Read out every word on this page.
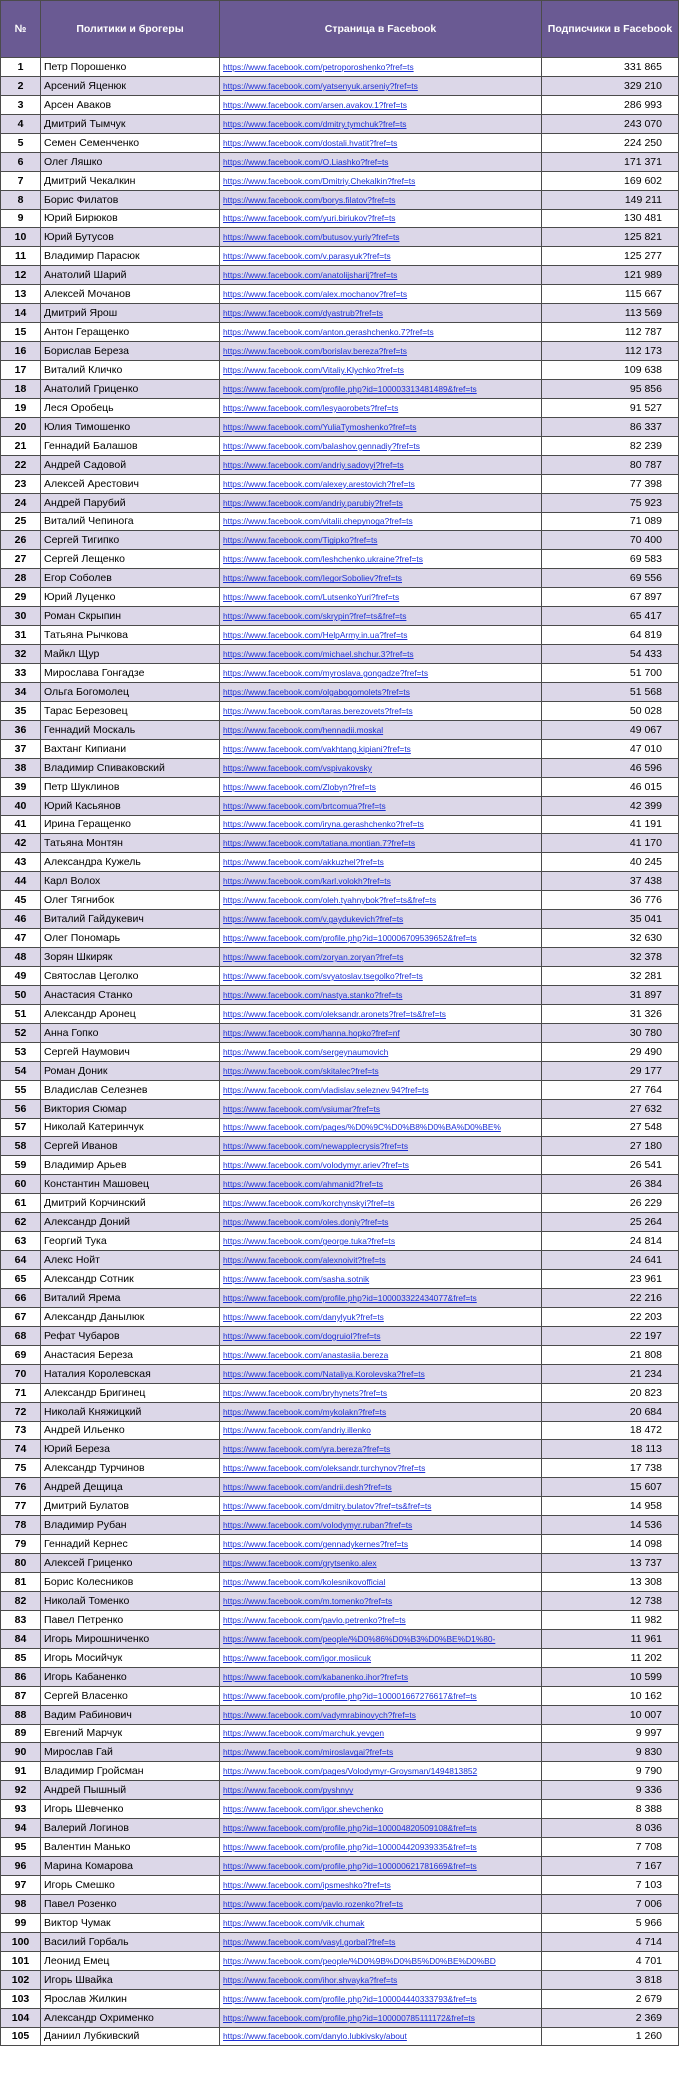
№	Политики и брогеры	Страница в Facebook	Подписчики в Facebook
1	Петр Порошенко	https://www.facebook.com/petroporoshenko?fref=ts	331 865
2	Арсений Яценюк	https://www.facebook.com/yatsenyuk.arseniy?fref=ts	329 210
3	Арсен Аваков	https://www.facebook.com/arsen.avakov.1?fref=ts	286 993
4	Дмитрий Тымчук	https://www.facebook.com/dmitry.tymchuk?fref=ts	243 070
5	Семен Семенченко	https://www.facebook.com/dostali.hvatit?fref=ts	224 250
6	Олег Ляшко	https://www.facebook.com/O.Liashko?fref=ts	171 371
7	Дмитрий Чекалкин	https://www.facebook.com/Dmitriy.Chekalkin?fref=ts	169 602
8	Борис Филатов	https://www.facebook.com/borys.filatov?fref=ts	149 211
9	Юрий Бирюков	https://www.facebook.com/yuri.biriukov?fref=ts	130 481
10	Юрий Бутусов	https://www.facebook.com/butusov.yuriy?fref=ts	125 821
11	Владимир Парасюк	https://www.facebook.com/v.parasyuk?fref=ts	125 277
12	Анатолий Шарий	https://www.facebook.com/anatolijsharij?fref=ts	121 989
13	Алексей Мочанов	https://www.facebook.com/alex.mochanov?fref=ts	115 667
14	Дмитрий Ярош	https://www.facebook.com/dyastrub?fref=ts	113 569
15	Антон Геращенко	https://www.facebook.com/anton.gerashchenko.7?fref=ts	112 787
16	Борислав Береза	https://www.facebook.com/borislav.bereza?fref=ts	112 173
17	Виталий Кличко	https://www.facebook.com/Vitaliy.Klychko?fref=ts	109 638
18	Анатолий Гриценко	https://www.facebook.com/profile.php?id=100003313481489&fref=ts	95 856
19	Леся Оробець	https://www.facebook.com/lesyaorobets?fref=ts	91 527
20	Юлия Тимошенко	https://www.facebook.com/YuliaTymoshenko?fref=ts	86 337
21	Геннадий Балашов	https://www.facebook.com/balashov.gennadiy?fref=ts	82 239
22	Андрей Садовой	https://www.facebook.com/andriy.sadovyi?fref=ts	80 787
23	Алексей Арестович	https://www.facebook.com/alexey.arestovich?fref=ts	77 398
24	Андрей Парубий	https://www.facebook.com/andriy.parubiy?fref=ts	75 923
25	Виталий Чепинога	https://www.facebook.com/vitalii.chepynoga?fref=ts	71 089
26	Сергей Тигипко	https://www.facebook.com/Tigipko?fref=ts	70 400
27	Сергей Лещенко	https://www.facebook.com/leshchenko.ukraine?fref=ts	69 583
28	Егор Соболев	https://www.facebook.com/IegorSoboliev?fref=ts	69 556
29	Юрий Луценко	https://www.facebook.com/LutsenkoYuri?fref=ts	67 897
30	Роман Скрыпин	https://www.facebook.com/skrypin?fref=ts&fref=ts	65 417
31	Татьяна Рычкова	https://www.facebook.com/HelpArmy.in.ua?fref=ts	64 819
32	Майкл Щур	https://www.facebook.com/michael.shchur.3?fref=ts	54 433
33	Мирослава Гонгадзе	https://www.facebook.com/myroslava.gongadze?fref=ts	51 700
34	Ольга Богомолец	https://www.facebook.com/olgabogomolets?fref=ts	51 568
35	Тарас Березовец	https://www.facebook.com/taras.berezovets?fref=ts	50 028
36	Геннадий Москаль	https://www.facebook.com/hennadii.moskal	49 067
37	Вахтанг Кипиани	https://www.facebook.com/vakhtang.kipiani?fref=ts	47 010
38	Владимир Спиваковский	https://www.facebook.com/vspivakovsky	46 596
39	Петр Шуклинов	https://www.facebook.com/Zlobyn?fref=ts	46 015
40	Юрий Касьянов	https://www.facebook.com/brtcomua?fref=ts	42 399
41	Ирина Геращенко	https://www.facebook.com/iryna.gerashchenko?fref=ts	41 191
42	Татьяна Монтян	https://www.facebook.com/tatiana.montian.7?fref=ts	41 170
43	Александра Кужель	https://www.facebook.com/akkuzhel?fref=ts	40 245
44	Карл Волох	https://www.facebook.com/karl.volokh?fref=ts	37 438
45	Олег Тягнибок	https://www.facebook.com/oleh.tyahnybok?fref=ts&fref=ts	36 776
46	Виталий Гайдукевич	https://www.facebook.com/v.gaydukevich?fref=ts	35 041
47	Олег Пономарь	https://www.facebook.com/profile.php?id=100006709539652&fref=ts	32 630
48	Зорян Шкиряк	https://www.facebook.com/zoryan.zoryan?fref=ts	32 378
49	Святослав Цеголко	https://www.facebook.com/svyatoslav.tsegolko?fref=ts	32 281
50	Анастасия Станко	https://www.facebook.com/nastya.stanko?fref=ts	31 897
51	Александр Аронец	https://www.facebook.com/oleksandr.aronets?fref=ts&fref=ts	31 326
52	Анна Гопко	https://www.facebook.com/hanna.hopko?fref=nf	30 780
53	Сергей Наумович	https://www.facebook.com/sergeynaumovich	29 490
54	Роман Доник	https://www.facebook.com/skitalec?fref=ts	29 177
55	Владислав Селезнев	https://www.facebook.com/vladislav.seleznev.94?fref=ts	27 764
56	Виктория Сюмар	https://www.facebook.com/vsiumar?fref=ts	27 632
57	Николай Катеринчук	https://www.facebook.com/pages/%D0%9C%D0%B8%D0%BA%D0%BE%	27 548
58	Сергей Иванов	https://www.facebook.com/newapplecrysis?fref=ts	27 180
59	Владимир Арьев	https://www.facebook.com/volodymyr.ariev?fref=ts	26 541
60	Константин Машовец	https://www.facebook.com/ahmanid?fref=ts	26 384
61	Дмитрий Корчинский	https://www.facebook.com/korchynskyi?fref=ts	26 229
62	Александр Доний	https://www.facebook.com/oles.doniy?fref=ts	25 264
63	Георгий Тука	https://www.facebook.com/george.tuka?fref=ts	24 814
64	Алекс Нойт	https://www.facebook.com/alexnoivit?fref=ts	24 641
65	Александр Сотник	https://www.facebook.com/sasha.sotnik	23 961
66	Виталий Ярема	https://www.facebook.com/profile.php?id=100003322434077&fref=ts	22 216
67	Александр Данылюк	https://www.facebook.com/danylyuk?fref=ts	22 203
68	Рефат Чубаров	https://www.facebook.com/dogruiol?fref=ts	22 197
69	Анастасия Береза	https://www.facebook.com/anastasiia.bereza	21 808
70	Наталия Королевская	https://www.facebook.com/Nataliya.Korolevska?fref=ts	21 234
71	Александр Бригинец	https://www.facebook.com/bryhynets?fref=ts	20 823
72	Николай Княжицкий	https://www.facebook.com/mykolakn?fref=ts	20 684
73	Андрей Ильенко	https://www.facebook.com/andriy.illenko	18 472
74	Юрий Береза	https://www.facebook.com/yra.bereza?fref=ts	18 113
75	Александр Турчинов	https://www.facebook.com/oleksandr.turchynov?fref=ts	17 738
76	Андрей Дещица	https://www.facebook.com/andrii.desh?fref=ts	15 607
77	Дмитрий Булатов	https://www.facebook.com/dmitry.bulatov?fref=ts&fref=ts	14 958
78	Владимир Рубан	https://www.facebook.com/volodymyr.ruban?fref=ts	14 536
79	Геннадий Кернес	https://www.facebook.com/gennadykernes?fref=ts	14 098
80	Алексей Гриценко	https://www.facebook.com/grytsenko.alex	13 737
81	Борис Колесников	https://www.facebook.com/kolesnikovofficial	13 308
82	Николай Томенко	https://www.facebook.com/m.tomenko?fref=ts	12 738
83	Павел Петренко	https://www.facebook.com/pavlo.petrenko?fref=ts	11 982
84	Игорь Мирошниченко	https://www.facebook.com/people/%D0%86%D0%B3%D0%BE%D1%80-	11 961
85	Игорь Мосийчук	https://www.facebook.com/igor.mosiicuk	11 202
86	Игорь Кабаненко	https://www.facebook.com/kabanenko.ihor?fref=ts	10 599
87	Сергей Власенко	https://www.facebook.com/profile.php?id=100001667276617&fref=ts	10 162
88	Вадим Рабинович	https://www.facebook.com/vadymrabinovych?fref=ts	10 007
89	Евгений Марчук	https://www.facebook.com/marchuk.yevgen	9 997
90	Мирослав Гай	https://www.facebook.com/miroslavgai?fref=ts	9 830
91	Владимир Гройсман	https://www.facebook.com/pages/Volodymyr-Groysman/1494813852	9 790
92	Андрей Пышный	https://www.facebook.com/pyshnyy	9 336
93	Игорь Шевченко	https://www.facebook.com/igor.shevchenko	8 388
94	Валерий Логинов	https://www.facebook.com/profile.php?id=100004820509108&fref=ts	8 036
95	Валентин Манько	https://www.facebook.com/profile.php?id=100004420939335&fref=ts	7 708
96	Марина Комарова	https://www.facebook.com/profile.php?id=100000621781669&fref=ts	7 167
97	Игорь Смешко	https://www.facebook.com/ipsmeshko?fref=ts	7 103
98	Павел Розенко	https://www.facebook.com/pavlo.rozenko?fref=ts	7 006
99	Виктор Чумак	https://www.facebook.com/vik.chumak	5 966
100	Василий Горбаль	https://www.facebook.com/vasyl.gorbal?fref=ts	4 714
101	Леонид Емец	https://www.facebook.com/people/%D0%9B%D0%B5%D0%BE%D0%BD	4 701
102	Игорь Швайка	https://www.facebook.com/ihor.shvayka?fref=ts	3 818
103	Ярослав Жилкин	https://www.facebook.com/profile.php?id=100004440333793&fref=ts	2 679
104	Александр Охрименко	https://www.facebook.com/profile.php?id=100000785111172&fref=ts	2 369
105	Даниил Лубкивский	https://www.facebook.com/danylo.lubkivsky/about	1 260
